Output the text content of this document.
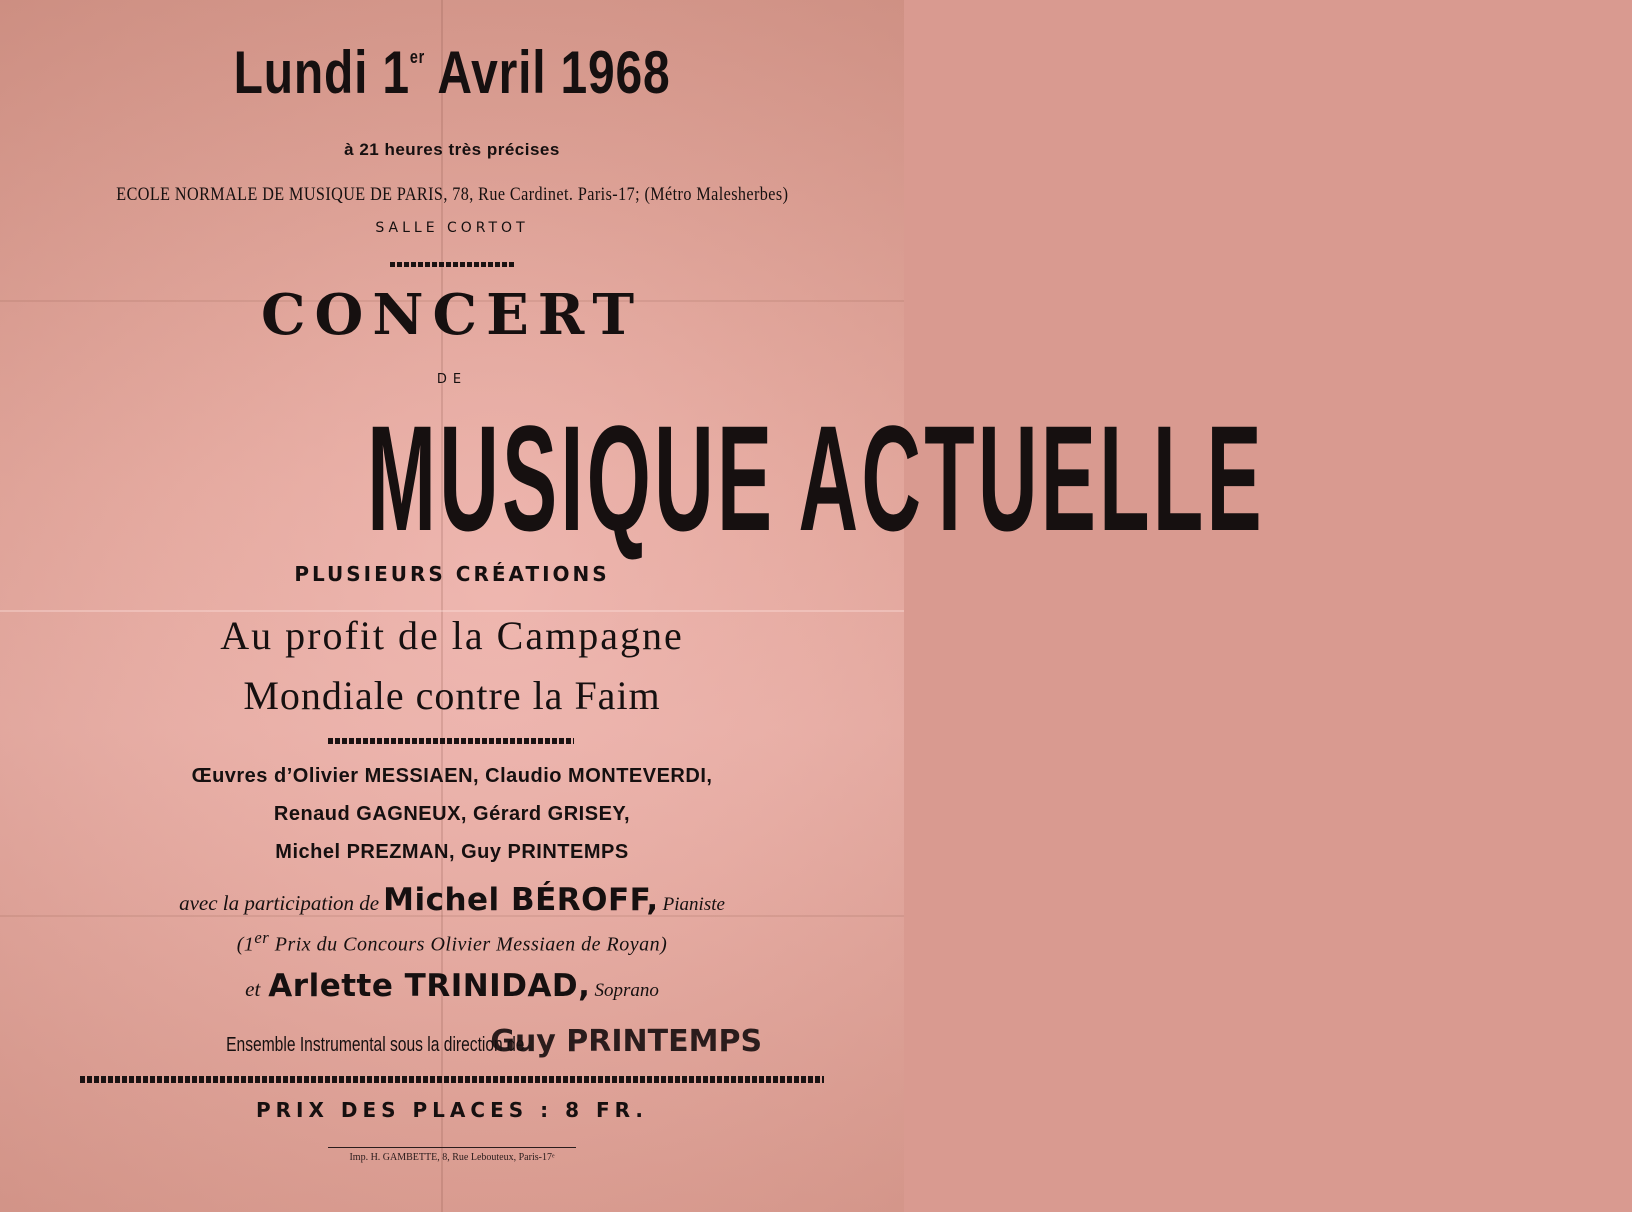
Lundi 1er Avril 1968
à 21 heures très précises
ECOLE NORMALE DE MUSIQUE DE PARIS, 78, Rue Cardinet. Paris-17; (Métro Malesherbes)
SALLE CORTOT
CONCERT
DE
MUSIQUE ACTUELLE
PLUSIEURS CRÉATIONS
Au profit de la Campagne
Mondiale contre la Faim
Œuvres d’Olivier MESSIAEN, Claudio MONTEVERDI,
Renaud GAGNEUX, Gérard GRISEY,
Michel PREZMAN, Guy PRINTEMPS
avec la participation de Michel BÉROFF, Pianiste
(1er Prix du Concours Olivier Messiaen de Royan)
et Arlette TRINIDAD, Soprano
Ensemble Instrumental sous la direction de Guy PRINTEMPS
PRIX DES PLACES : 8 FR.
Imp. H. GAMBETTE, 8, Rue Lebouteux, Paris-17ᵉ
